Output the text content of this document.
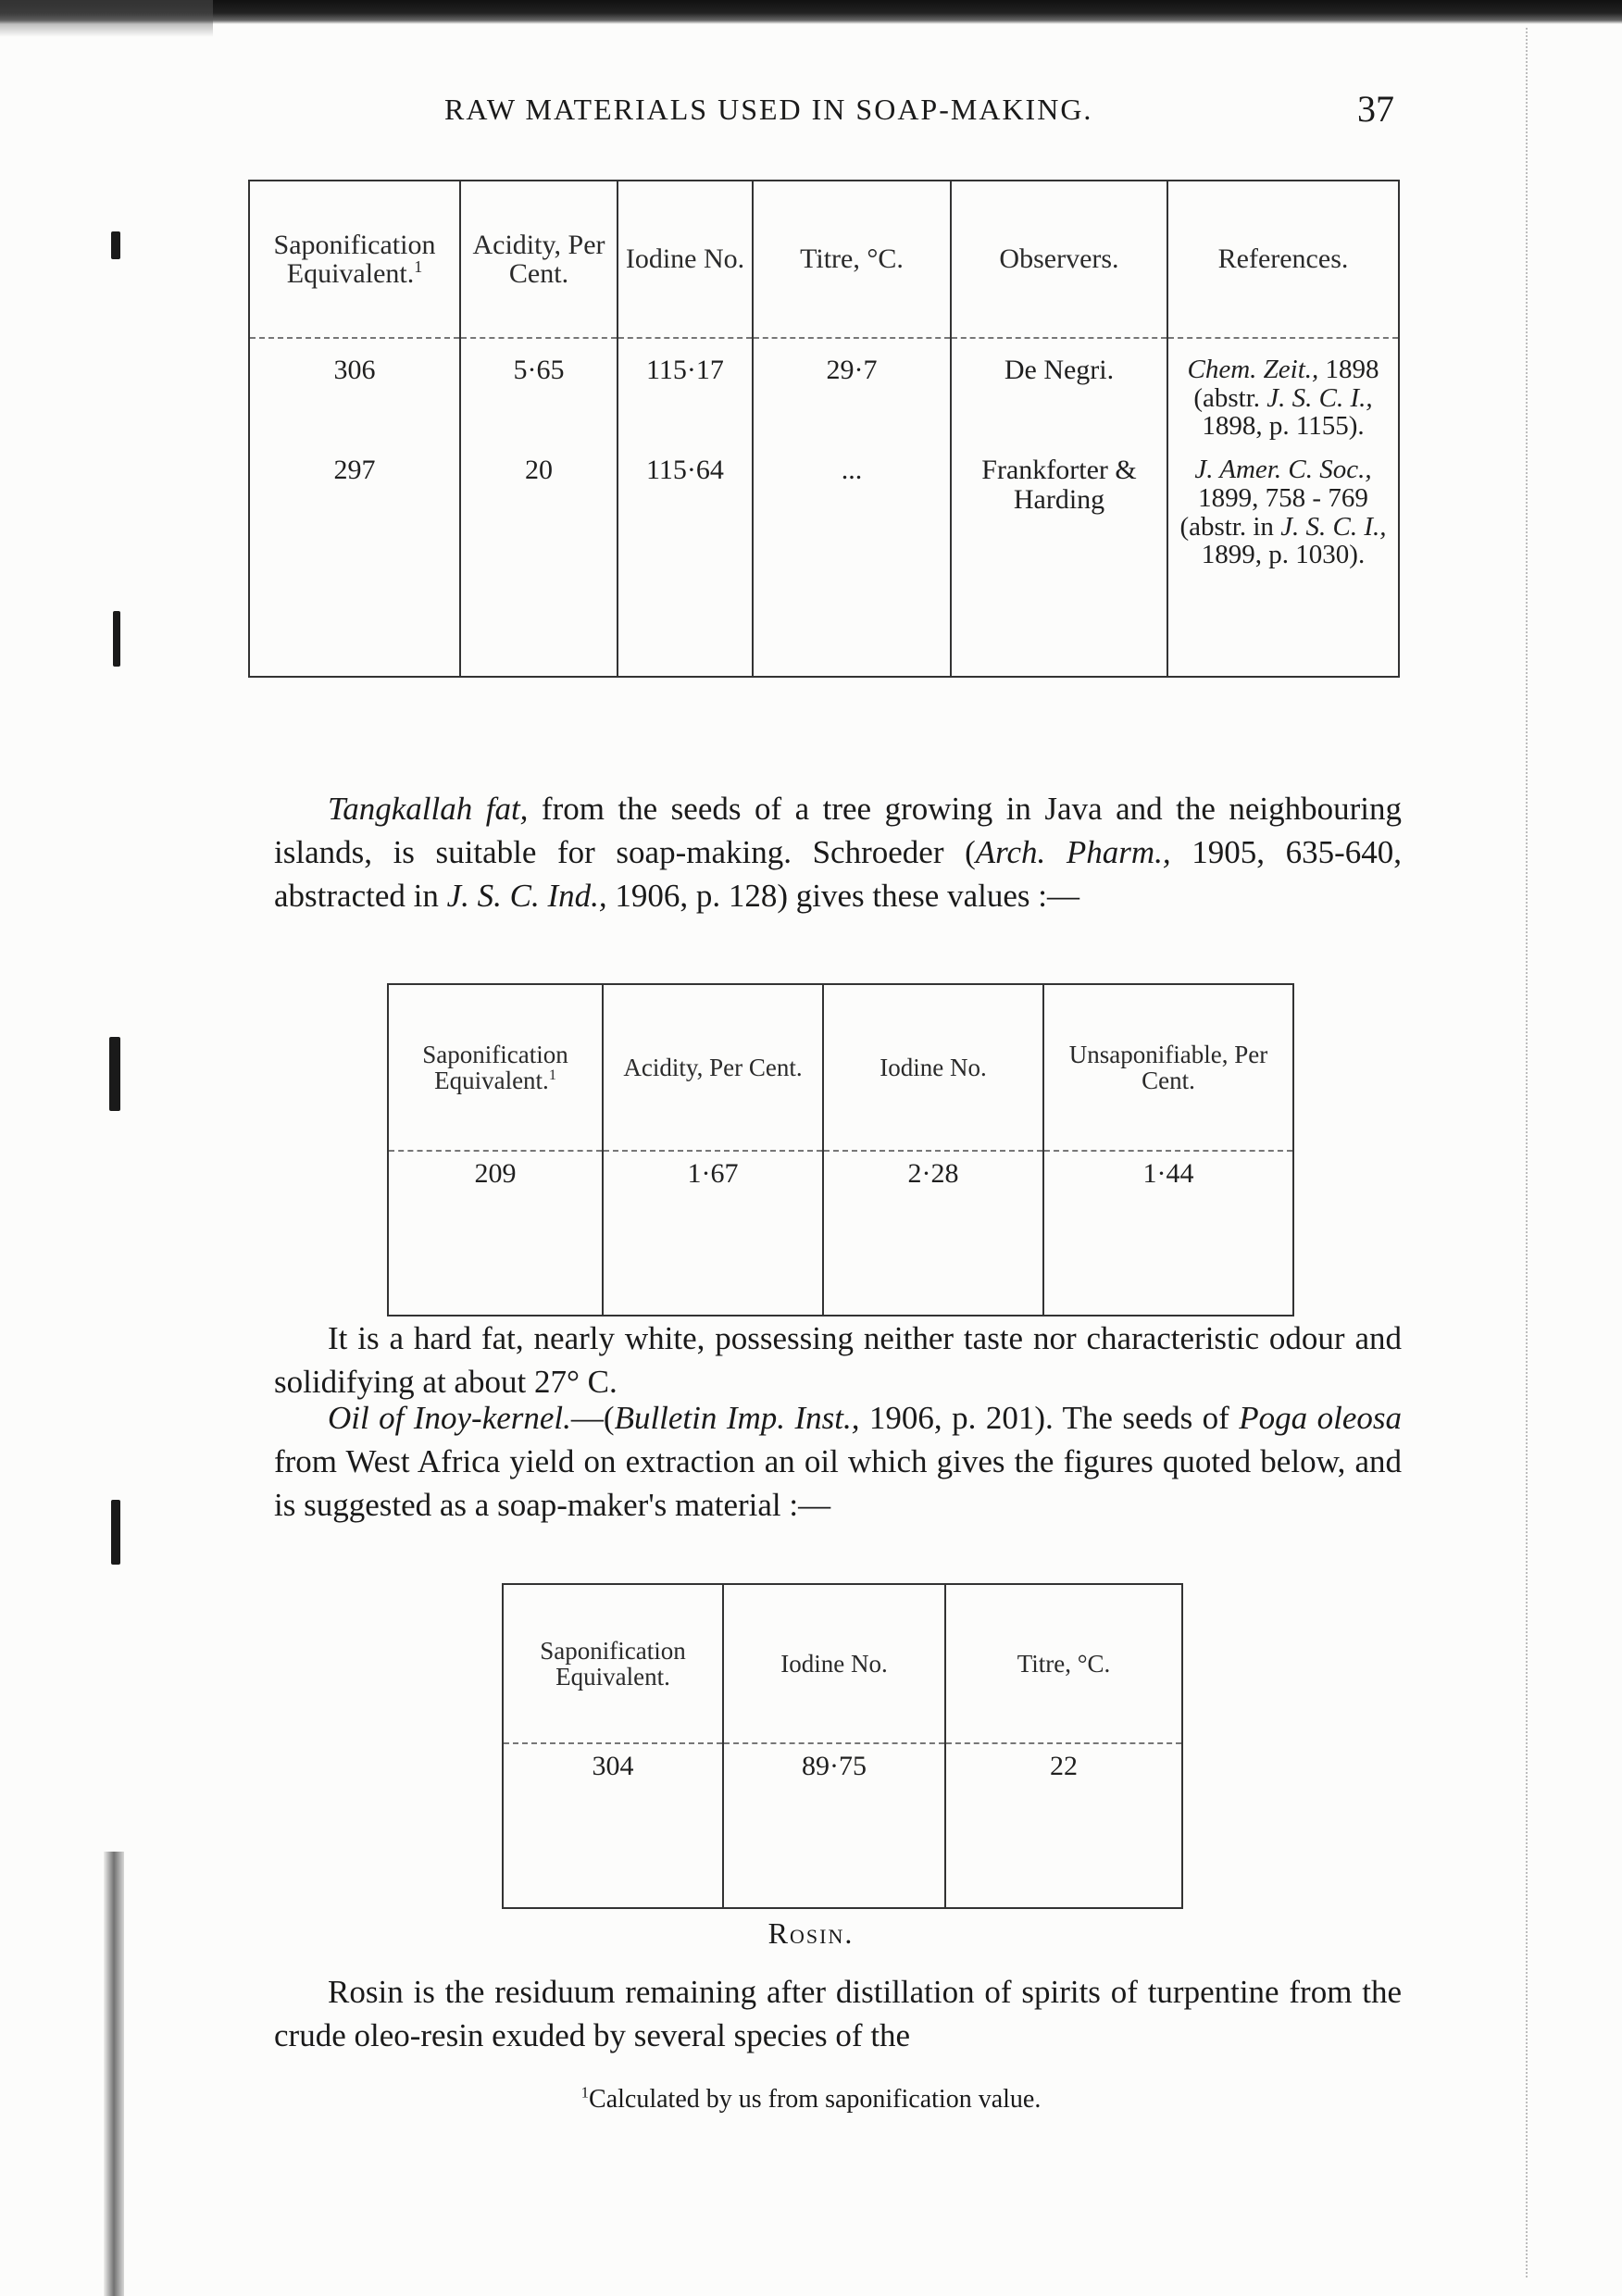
RAW MATERIALS USED IN SOAP-MAKING.	37
Saponification Equivalent.$^1$	Acidity, Per Cent.	Iodine No.	Titre, °C.	Observers.	References.
306	5·65	115·17	29·7	De Negri.	Chem. Zeit., 1898 (abstr. J. S. C. I., 1898, p. 1155).
297	20	115·64	...	Frankforter & Harding	J. Amer. C. Soc., 1899, 758 - 769 (abstr. in J. S. C. I., 1899, p. 1030).
Tangkallah fat, from the seeds of a tree growing in Java and the neighbouring islands, is suitable for soap-making. Schroeder (Arch. Pharm., 1905, 635-640, abstracted in J. S. C. Ind., 1906, p. 128) gives these values :—
Saponification Equivalent.$^1$	Acidity, Per Cent.	Iodine No.	Unsaponifiable, Per Cent.
209	1·67	2·28	1·44
It is a hard fat, nearly white, possessing neither taste nor characteristic odour and solidifying at about 27° C.
Oil of Inoy-kernel.—(Bulletin Imp. Inst., 1906, p. 201). The seeds of Poga oleosa from West Africa yield on extraction an oil which gives the figures quoted below, and is suggested as a soap-maker's material :—
Saponification Equivalent.	Iodine No.	Titre, °C.
304	89·75	22
Rosin.
Rosin is the residuum remaining after distillation of spirits of turpentine from the crude oleo-resin exuded by several species of the
$^1$Calculated by us from saponification value.
